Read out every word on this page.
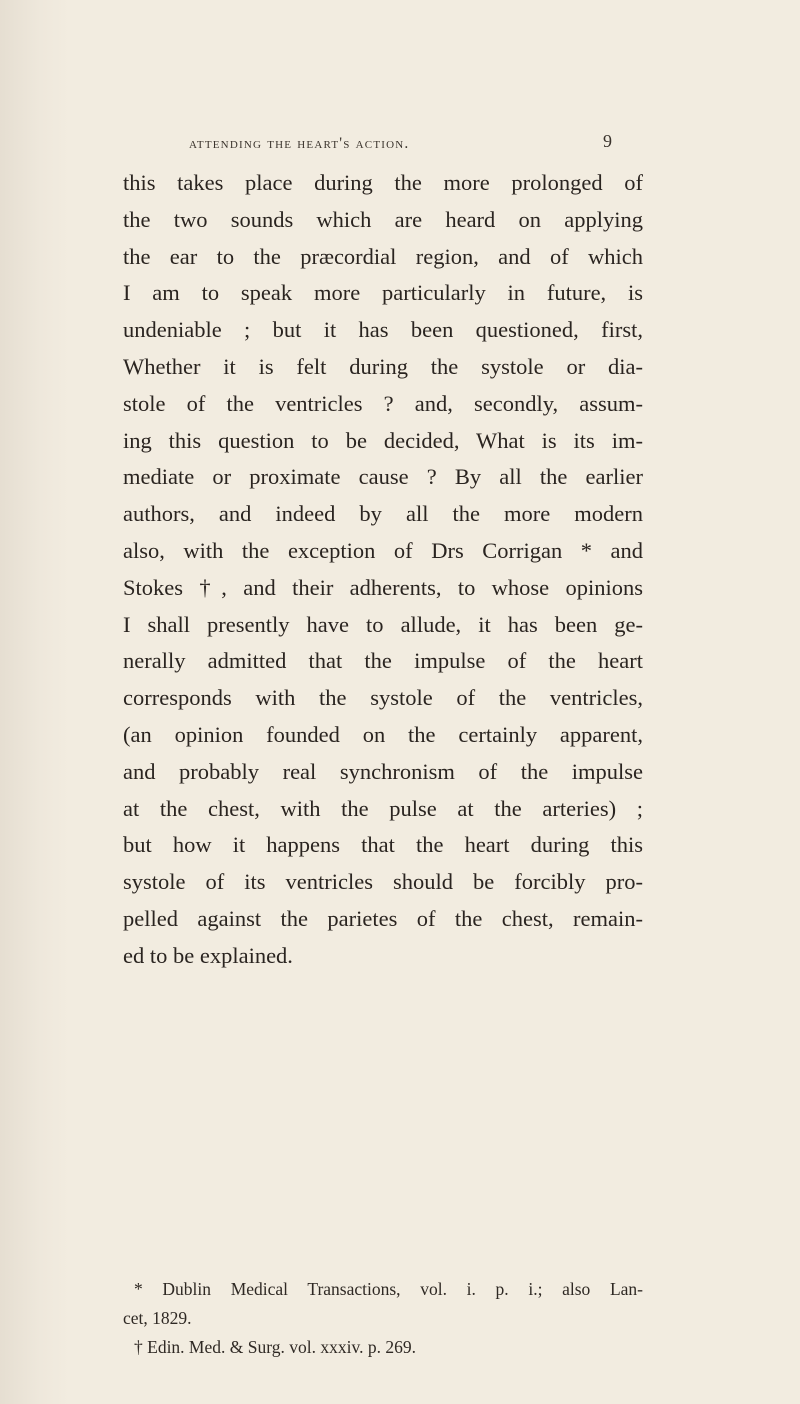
attending the heart's action.	9
this takes place during the more prolonged of
the two sounds which are heard on applying
the ear to the præcordial region, and of which
I am to speak more particularly in future, is
undeniable ; but it has been questioned, first,
Whether it is felt during the systole or dia-
stole of the ventricles ? and, secondly, assum-
ing this question to be decided, What is its im-
mediate or proximate cause ? By all the earlier
authors, and indeed by all the more modern
also, with the exception of Drs Corrigan * and
Stokes †, and their adherents, to whose opinions
I shall presently have to allude, it has been ge-
nerally admitted that the impulse of the heart
corresponds with the systole of the ventricles,
(an opinion founded on the certainly apparent,
and probably real synchronism of the impulse
at the chest, with the pulse at the arteries) ;
but how it happens that the heart during this
systole of its ventricles should be forcibly pro-
pelled against the parietes of the chest, remain-
ed to be explained.
* Dublin Medical Transactions, vol. i. p. i.; also Lan-
cet, 1829.
† Edin. Med. & Surg. vol. xxxiv. p. 269.
